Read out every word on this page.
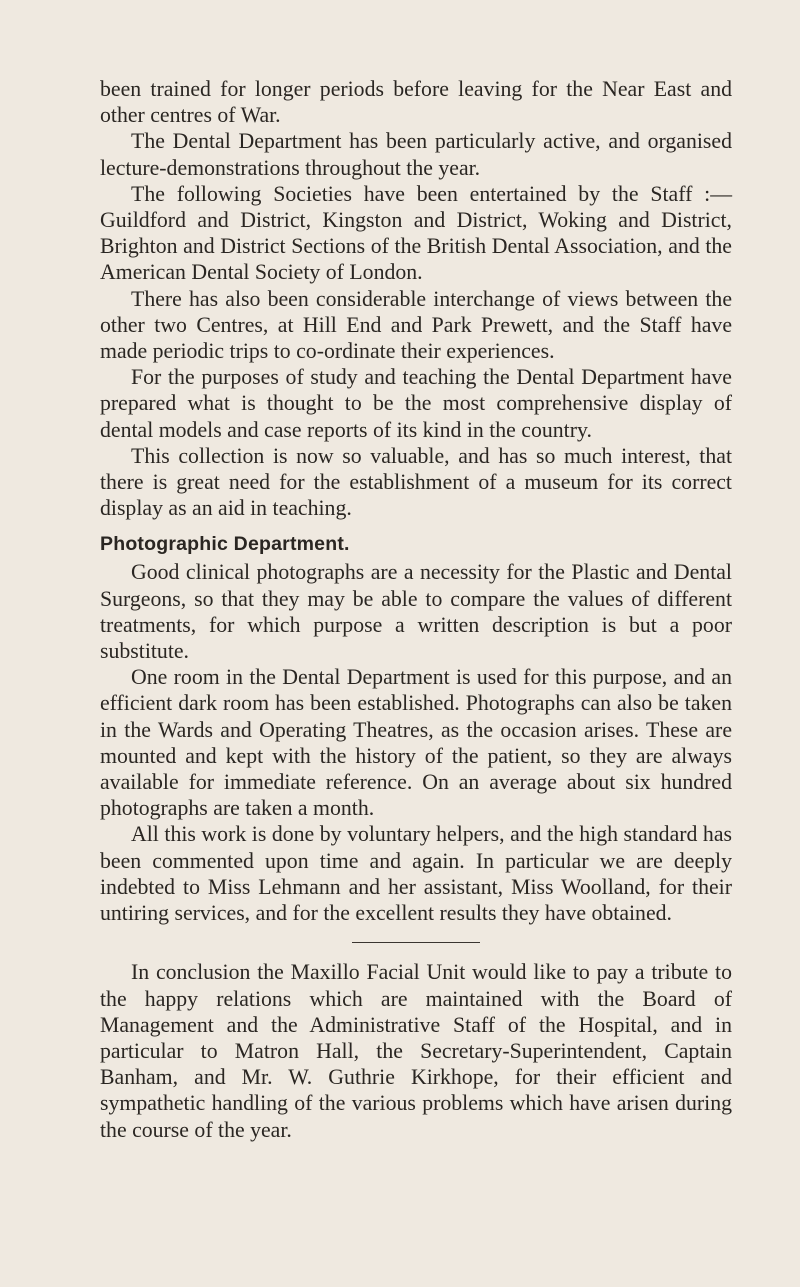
been trained for longer periods before leaving for the Near East and other centres of War.

The Dental Department has been particularly active, and organised lecture-demonstrations throughout the year.

The following Societies have been entertained by the Staff :—Guildford and District, Kingston and District, Woking and District, Brighton and District Sections of the British Dental Association, and the American Dental Society of London.

There has also been considerable interchange of views between the other two Centres, at Hill End and Park Prewett, and the Staff have made periodic trips to co-ordinate their experiences.

For the purposes of study and teaching the Dental Department have prepared what is thought to be the most comprehensive display of dental models and case reports of its kind in the country.

This collection is now so valuable, and has so much interest, that there is great need for the establishment of a museum for its correct display as an aid in teaching.

Photographic Department.

Good clinical photographs are a necessity for the Plastic and Dental Surgeons, so that they may be able to compare the values of different treatments, for which purpose a written description is but a poor substitute.

One room in the Dental Department is used for this purpose, and an efficient dark room has been established. Photographs can also be taken in the Wards and Operating Theatres, as the occasion arises. These are mounted and kept with the history of the patient, so they are always available for immediate reference. On an average about six hundred photographs are taken a month.

All this work is done by voluntary helpers, and the high standard has been commented upon time and again. In particular we are deeply indebted to Miss Lehmann and her assistant, Miss Woolland, for their untiring services, and for the excellent results they have obtained.

In conclusion the Maxillo Facial Unit would like to pay a tribute to the happy relations which are maintained with the Board of Management and the Administrative Staff of the Hospital, and in particular to Matron Hall, the Secretary-Superintendent, Captain Banham, and Mr. W. Guthrie Kirkhope, for their efficient and sympathetic handling of the various problems which have arisen during the course of the year.
